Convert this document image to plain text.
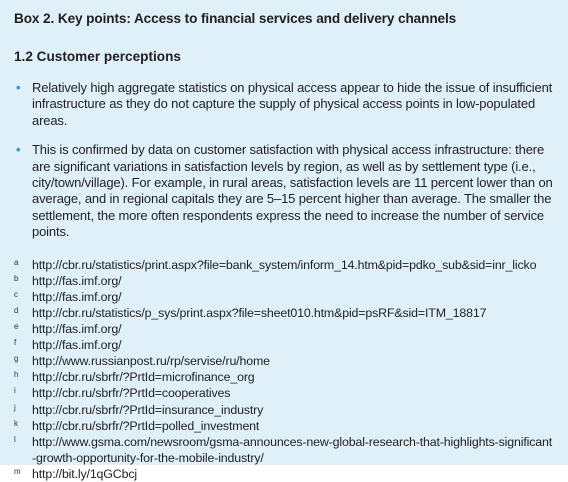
Box 2. Key points: Access to financial services and delivery channels
1.2 Customer perceptions
• Relatively high aggregate statistics on physical access appear to hide the issue of insufficient infrastructure as they do not capture the supply of physical access points in low-populated areas.
• This is confirmed by data on customer satisfaction with physical access infrastructure: there are significant variations in satisfaction levels by region, as well as by settlement type (i.e., city/town/village). For example, in rural areas, satisfaction levels are 11 percent lower than on average, and in regional capitals they are 5–15 percent higher than average. The smaller the settlement, the more often respondents express the need to increase the number of service points.
a http://cbr.ru/statistics/print.aspx?file=bank_system/inform_14.htm&pid=pdko_sub&sid=inr_licko
b http://fas.imf.org/
c http://fas.imf.org/
d http://cbr.ru/statistics/p_sys/print.aspx?file=sheet010.htm&pid=psRF&sid=ITM_18817
e http://fas.imf.org/
f http://fas.imf.org/
g http://www.russianpost.ru/rp/servise/ru/home
h http://cbr.ru/sbrfr/?PrtId=microfinance_org
i http://cbr.ru/sbrfr/?PrtId=cooperatives
j http://cbr.ru/sbrfr/?PrtId=insurance_industry
k http://cbr.ru/sbrfr/?PrtId=polled_investment
l http://www.gsma.com/newsroom/gsma-announces-new-global-research-that-highlights-significant-growth-opportunity-for-the-mobile-industry/
m http://bit.ly/1qGCbcj
